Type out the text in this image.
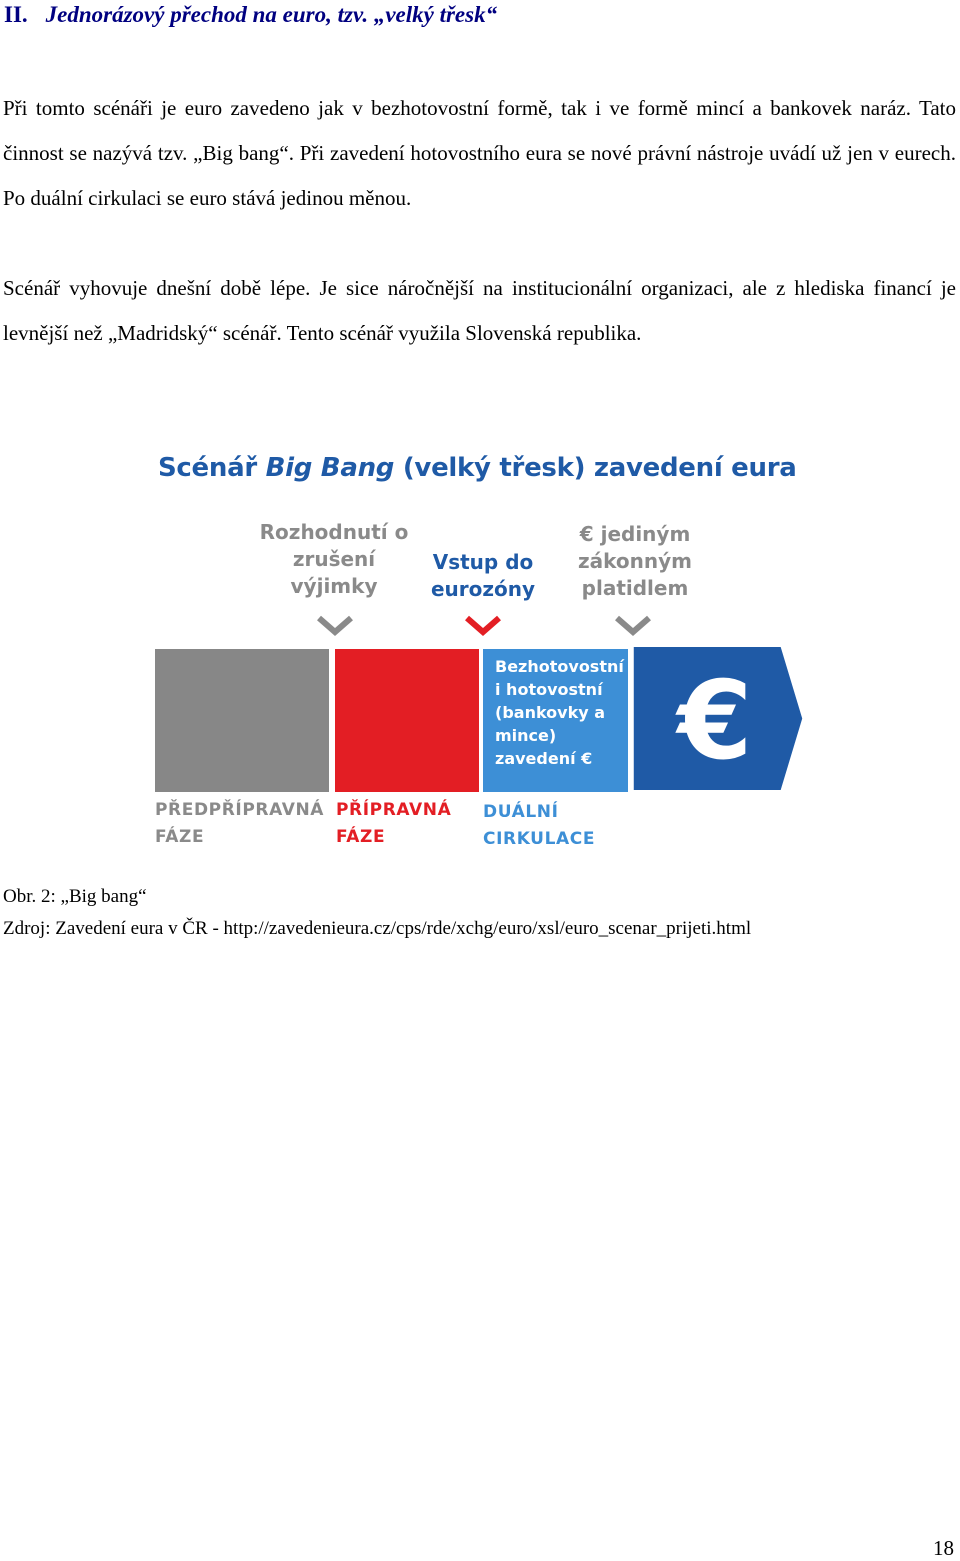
II. Jednorázový přechod na euro, tzv. „velký třesk“

Při tomto scénáři je euro zavedeno jak v bezhotovostní formě, tak i ve formě mincí a bankovek naráz. Tato činnost se nazývá tzv. „Big bang“. Při zavedení hotovostního eura se nové právní nástroje uvádí už jen v eurech. Po duální cirkulaci se euro stává jedinou měnou.

Scénář vyhovuje dnešní době lépe. Je sice náročnější na institucionální organizaci, ale z hlediska financí je levnější než „Madridský“ scénář. Tento scénář využila Slovenská republika.

Scénář Big Bang (velký třesk) zavedení eura
Rozhodnutí o zrušení výjimky
Vstup do eurozóny
€ jediným zákonným platidlem
Bezhotovostní i hotovostní (bankovky a mince) zavedení € €
PŘEDPŘÍPRAVNÁ FÁZE
PŘÍPRAVNÁ FÁZE
DUÁLNÍ CIRKULACE

Obr. 2: „Big bang“

Zdroj: Zavedení eura v ČR - http://zavedenieura.cz/cps/rde/xchg/euro/xsl/euro_scenar_prijeti.html

18
